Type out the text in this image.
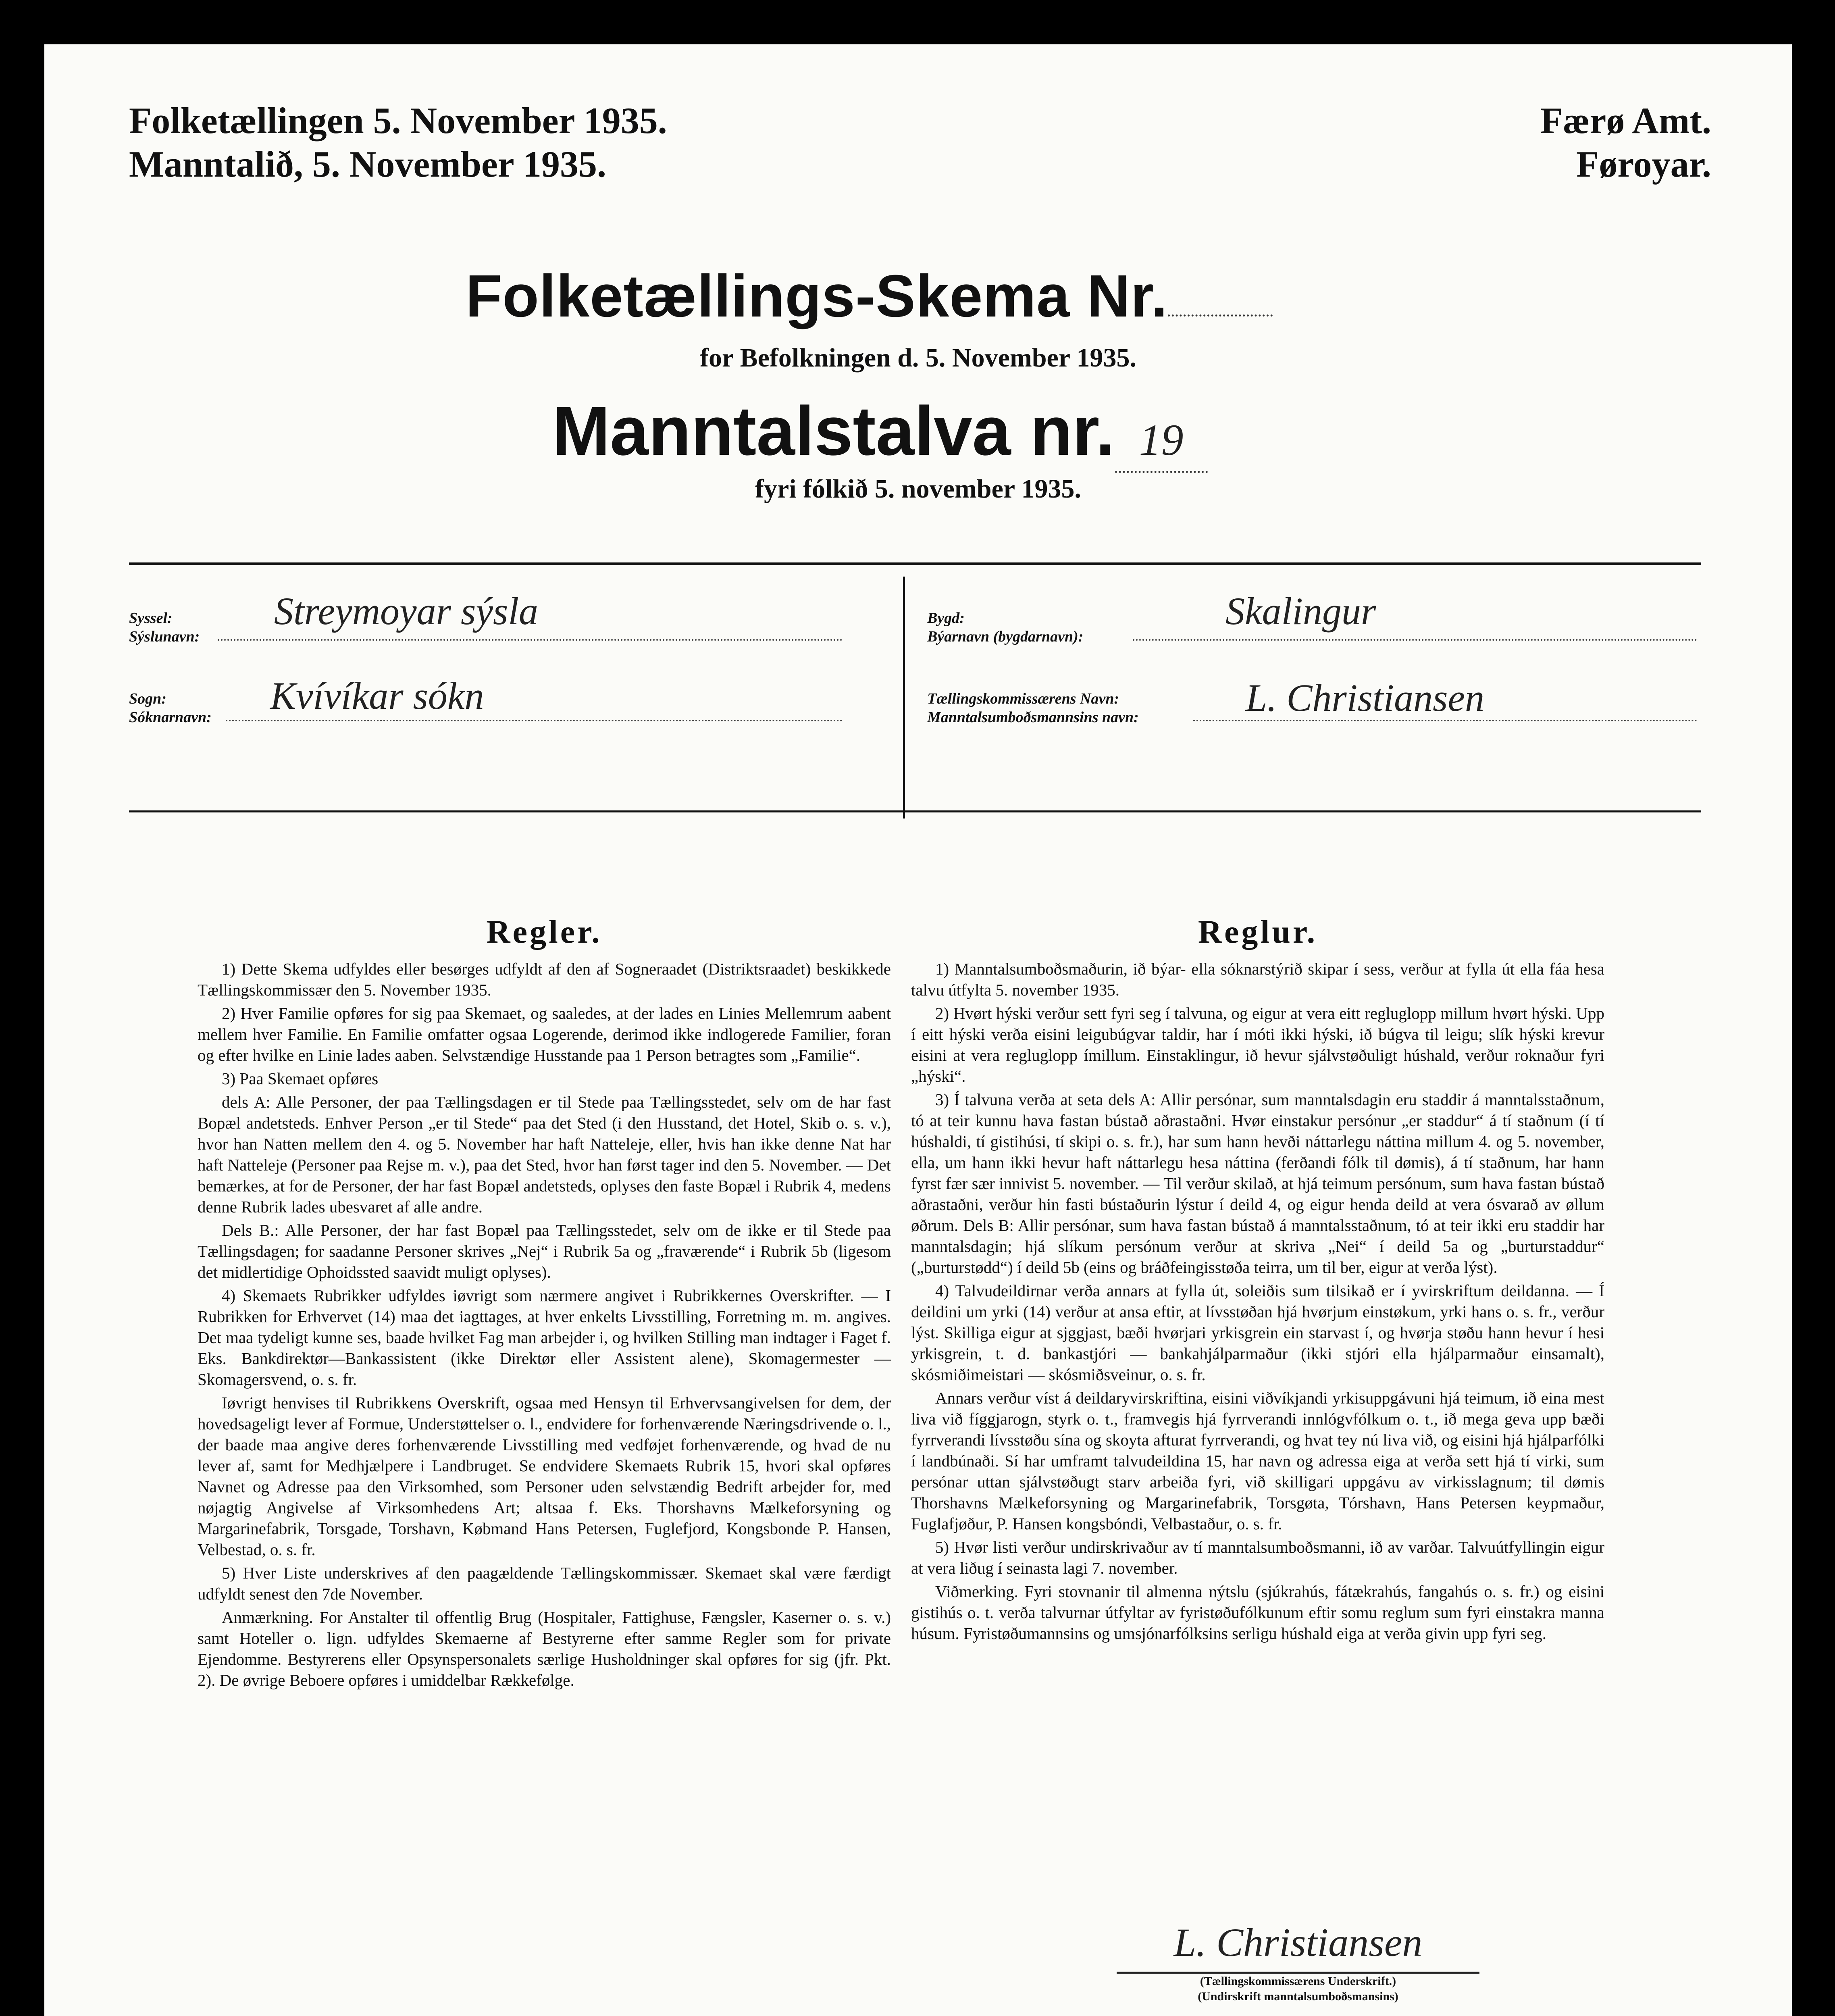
Folketællingen 5. November 1935.
Manntalið, 5. November 1935.
Færø Amt.
Føroyar.
Folketællings-Skema Nr.
for Befolkningen d. 5. November 1935.
Manntalstalva nr. 19
fyri fólkið 5. november 1935.
Syssel:
Sýslunavn:
Streymoyar sýsla
Sogn:
Sóknarnavn: Kvívíkar sókn
Bygd:
Býarnavn (bygdarnavn):
Skalingur
Tællingskommissærens Navn:
Manntalsumboðsmannsins navn:	L. Christiansen
Regler.

1) Dette Skema udfyldes eller besørges udfyldt af den af Sogneraadet (Distriktsraadet) beskikkede Tællingskommissær den 5. November 1935.

2) Hver Familie opføres for sig paa Skemaet, og saaledes, at der lades en Linies Mellemrum aabent mellem hver Familie. En Familie omfatter ogsaa Logerende, derimod ikke indlogerede Familier, foran og efter hvilke en Linie lades aaben. Selvstændige Husstande paa 1 Person betragtes som „Familie“.

3) Paa Skemaet opføres

dels A: Alle Personer, der paa Tællingsdagen er til Stede paa Tællingsstedet, selv om de har fast Bopæl andetsteds. Enhver Person „er til Stede“ paa det Sted (i den Husstand, det Hotel, Skib o. s. v.), hvor han Natten mellem den 4. og 5. November har haft Natteleje, eller, hvis han ikke denne Nat har haft Natteleje (Personer paa Rejse m. v.), paa det Sted, hvor han først tager ind den 5. November. — Det bemærkes, at for de Personer, der har fast Bopæl andetsteds, oplyses den faste Bopæl i Rubrik 4, medens denne Rubrik lades ubesvaret af alle andre.

Dels B.: Alle Personer, der har fast Bopæl paa Tællingsstedet, selv om de ikke er til Stede paa Tællingsdagen; for saadanne Personer skrives „Nej“ i Rubrik 5a og „fraværende“ i Rubrik 5b (ligesom det midlertidige Ophoidssted saavidt muligt oplyses).

4) Skemaets Rubrikker udfyldes iøvrigt som nærmere angivet i Rubrikkernes Overskrifter. — I Rubrikken for Erhvervet (14) maa det iagttages, at hver enkelts Livsstilling, Forretning m. m. angives. Det maa tydeligt kunne ses, baade hvilket Fag man arbejder i, og hvilken Stilling man indtager i Faget f. Eks. Bankdirektør—Bankassistent (ikke Direktør eller Assistent alene), Skomagermester — Skomagersvend, o. s. fr.

Iøvrigt henvises til Rubrikkens Overskrift, ogsaa med Hensyn til Erhvervsangivelsen for dem, der hovedsageligt lever af Formue, Understøttelser o. l., endvidere for forhenværende Næringsdrivende o. l., der baade maa angive deres forhenværende Livsstilling med vedføjet forhenværende, og hvad de nu lever af, samt for Medhjælpere i Landbruget. Se endvidere Skemaets Rubrik 15, hvori skal opføres Navnet og Adresse paa den Virksomhed, som Personer uden selvstændig Bedrift arbejder for, med nøjagtig Angivelse af Virksomhedens Art; altsaa f. Eks. Thorshavns Mælkeforsyning og Margarinefabrik, Torsgade, Torshavn, Købmand Hans Petersen, Fuglefjord, Kongsbonde P. Hansen, Velbestad, o. s. fr.

5) Hver Liste underskrives af den paagældende Tællingskommissær. Skemaet skal være færdigt udfyldt senest den 7de November.

Anmærkning. For Anstalter til offentlig Brug (Hospitaler, Fattighuse, Fængsler, Kaserner o. s. v.) samt Hoteller o. lign. udfyldes Skemaerne af Bestyrerne efter samme Regler som for private Ejendomme. Bestyrerens eller Opsynspersonalets særlige Husholdninger skal opføres for sig (jfr. Pkt. 2). De øvrige Beboere opføres i umiddelbar Rækkefølge.

Reglur.

1) Manntalsumboðsmaðurin, ið býar- ella sóknarstýrið skipar í sess, verður at fylla út ella fáa hesa talvu útfylta 5. november 1935.

2) Hvørt hýski verður sett fyri seg í talvuna, og eigur at vera eitt regluglopp millum hvørt hýski. Upp í eitt hýski verða eisini leigubúgvar taldir, har í móti ikki hýski, ið búgva til leigu; slík hýski krevur eisini at vera regluglopp ímillum. Einstaklingur, ið hevur sjálvstøðuligt húshald, verður roknaður fyri „hýski“.

3) Í talvuna verða at seta dels A: Allir persónar, sum manntalsdagin eru staddir á manntalsstaðnum, tó at teir kunnu hava fastan bústað aðrastaðni. Hvør einstakur persónur „er staddur“ á tí staðnum (í tí húshaldi, tí gistihúsi, tí skipi o. s. fr.), har sum hann hevði náttarlegu náttina millum 4. og 5. november, ella, um hann ikki hevur haft náttarlegu hesa náttina (ferðandi fólk til dømis), á tí staðnum, har hann fyrst fær sær innivist 5. november. — Til verður skilað, at hjá teimum persónum, sum hava fastan bústað aðrastaðni, verður hin fasti bústaðurin lýstur í deild 4, og eigur henda deild at vera ósvarað av øllum øðrum. Dels B: Allir persónar, sum hava fastan bústað á manntalsstaðnum, tó at teir ikki eru staddir har manntalsdagin; hjá slíkum persónum verður at skriva „Nei“ í deild 5a og „burturstaddur“ („burturstødd“) í deild 5b (eins og bráðfeingisstøða teirra, um til ber, eigur at verða lýst).

4) Talvudeildirnar verða annars at fylla út, soleiðis sum tilsikað er í yvirskriftum deildanna. — Í deildini um yrki (14) verður at ansa eftir, at lívsstøðan hjá hvørjum einstøkum, yrki hans o. s. fr., verður lýst. Skilliga eigur at sjggjast, bæði hvørjari yrkisgrein ein starvast í, og hvørja støðu hann hevur í hesi yrkisgrein, t. d. bankastjóri — bankahjálparmaður (ikki stjóri ella hjálparmaður einsamalt), skósmiðimeistari — skósmiðsveinur, o. s. fr.

Annars verður víst á deildaryvirskriftina, eisini viðvíkjandi yrkisuppgávuni hjá teimum, ið eina mest liva við fíggjarogn, styrk o. t., framvegis hjá fyrrverandi innlógvfólkum o. t., ið mega geva upp bæði fyrrverandi lívsstøðu sína og skoyta afturat fyrrverandi, og hvat tey nú liva við, og eisini hjá hjálparfólki í landbúnaði. Sí har umframt talvudeildina 15, har navn og adressa eiga at verða sett hjá tí virki, sum persónar uttan sjálvstøðugt starv arbeiða fyri, við skilligari uppgávu av virkisslagnum; til dømis Thorshavns Mælkeforsyning og Margarinefabrik, Torsgøta, Tórshavn, Hans Petersen keypmaður, Fuglafjøður, P. Hansen kongsbóndi, Velbastaður, o. s. fr.

5) Hvør listi verður undirskrivaður av tí manntalsumboðsmanni, ið av varðar. Talvuútfyllingin eigur at vera liðug í seinasta lagi 7. november.

Viðmerking. Fyri stovnanir til almenna nýtslu (sjúkrahús, fátækrahús, fangahús o. s. fr.) og eisini gistihús o. t. verða talvurnar útfyltar av fyristøðufólkunum eftir somu reglum sum fyri einstakra manna húsum. Fyristøðumannsins og umsjónarfólksins serligu húshald eiga at verða givin upp fyri seg.

L. Christiansen
(Tællingskommissærens Underskrift.)
(Undirskrift manntalsumboðsmansins)
